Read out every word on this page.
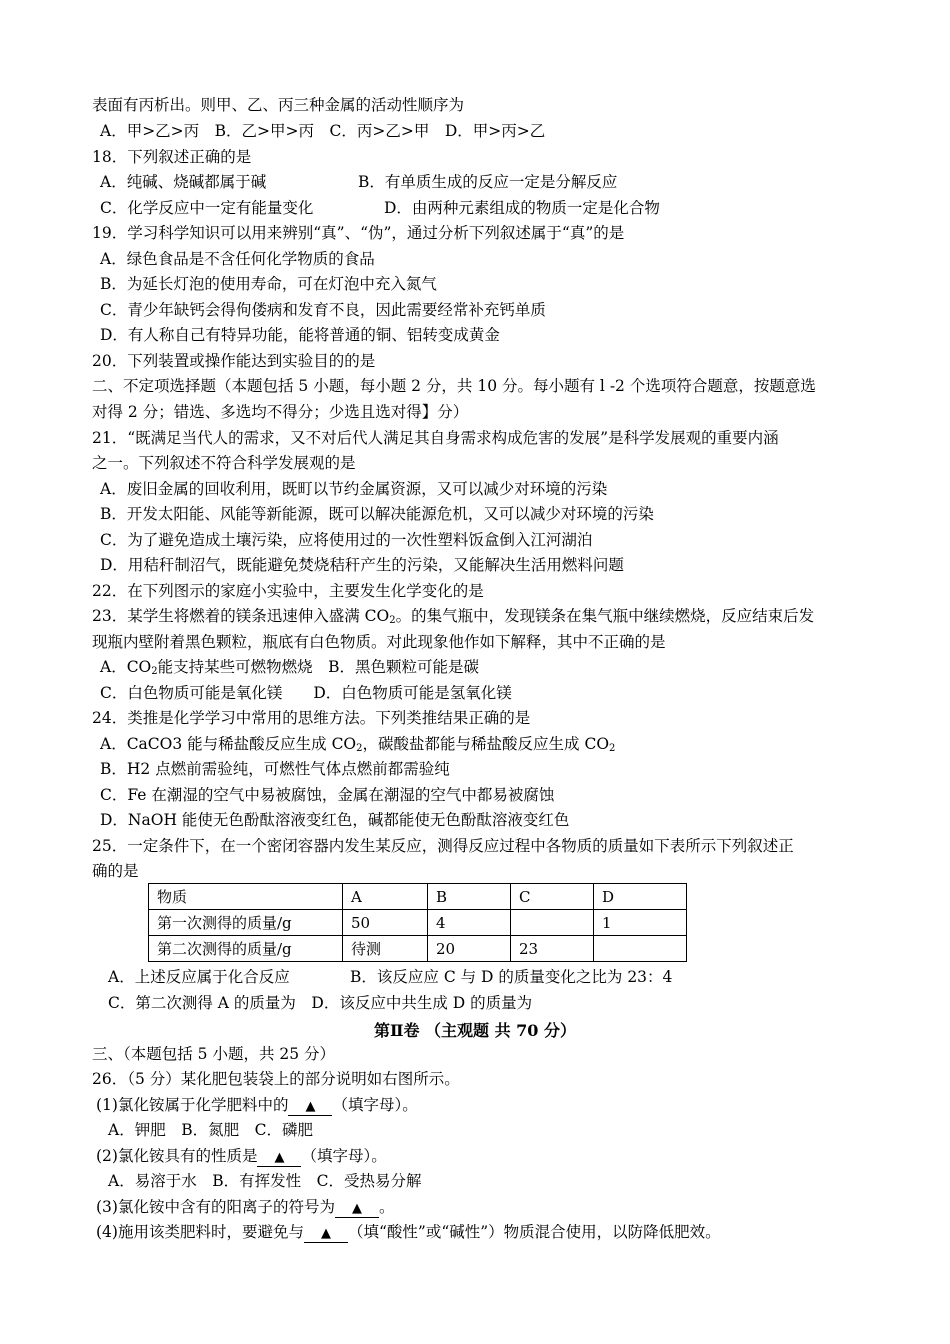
表面有丙析出。则甲、乙、丙三种金属的活动性顺序为
A．甲>乙>丙　B．乙>甲>丙　C．丙>乙>甲　D．甲>丙>乙
18．下列叙述正确的是
A．纯碱、烧碱都属于碱	B．有单质生成的反应一定是分解反应
C．化学反应中一定有能量变化	D．由两种元素组成的物质一定是化合物
19．学习科学知识可以用来辨别“真”、“伪”，通过分析下列叙述属于“真”的是
A．绿色食品是不含任何化学物质的食品
B．为延长灯泡的使用寿命，可在灯泡中充入氮气
C．青少年缺钙会得佝偻病和发育不良，因此需要经常补充钙单质
D．有人称自己有特异功能，能将普通的铜、铝转变成黄金
20．下列装置或操作能达到实验目的的是
二、不定项选择题（本题包括 5 小题，每小题 2 分，共 10 分。每小题有 l -2 个选项符合题意，按题意选
对得 2 分；错选、多选均不得分；少选且选对得】分）
21．“既满足当代人的需求，又不对后代人满足其自身需求构成危害的发展”是科学发展观的重要内涵
之一。下列叙述不符合科学发展观的是
A．废旧金属的回收利用，既町以节约金属资源，又可以减少对环境的污染
B．开发太阳能、风能等新能源，既可以解决能源危机，又可以减少对环境的污染
C．为了避免造成土壤污染，应将使用过的一次性塑料饭盒倒入江河湖泊
D．用秸秆制沼气，既能避免焚烧秸秆产生的污染，又能解决生活用燃料问题
22．在下列图示的家庭小实验中，主要发生化学变化的是
23．某学生将燃着的镁条迅速伸入盛满 $CO_2$。的集气瓶中，发现镁条在集气瓶中继续燃烧，反应结束后发
现瓶内壁附着黑色颗粒，瓶底有白色物质。对此现象他作如下解释，其中不正确的是
A．$CO_2$能支持某些可燃物燃烧　B．黑色颗粒可能是碳
C．白色物质可能是氧化镁　　D．白色物质可能是氢氧化镁
24．类推是化学学习中常用的思维方法。下列类推结果正确的是
A．CaCO3 能与稀盐酸反应生成 $CO_2$，碳酸盐都能与稀盐酸反应生成 $CO_2$
B．H2 点燃前需验纯，可燃性气体点燃前都需验纯
C．Fe 在潮湿的空气中易被腐蚀，金属在潮湿的空气中都易被腐蚀
D．NaOH 能使无色酚酞溶液变红色，碱都能使无色酚酞溶液变红色
25．一定条件下，在一个密闭容器内发生某反应，测得反应过程中各物质的质量如下表所示下列叙述正
确的是
物质	A	B	C	D
第一次测得的质量/g	50	4		1
第二次测得的质量/g	待测	20	23	
A．上述反应属于化合反应	B．该反应应 C 与 D 的质量变化之比为 23：4
C．第二次测得 A 的质量为　D．该反应中共生成 D 的质量为
第Ⅱ卷 （主观题 共 70 分）
三、（本题包括 5 小题，共 25 分）
26．（5 分）某化肥包装袋上的部分说明如右图所示。
(1)氯化铵属于化学肥料中的 ▲ （填字母）。
A．钾肥　B．氮肥　C．磷肥
(2)氯化铵具有的性质是 ▲ （填字母）。
A．易溶于水　B．有挥发性　C．受热易分解
(3)氯化铵中含有的阳离子的符号为 ▲ 。
(4)施用该类肥料时，要避免与 ▲ （填“酸性”或“碱性”）物质混合使用，以防降低肥效。
